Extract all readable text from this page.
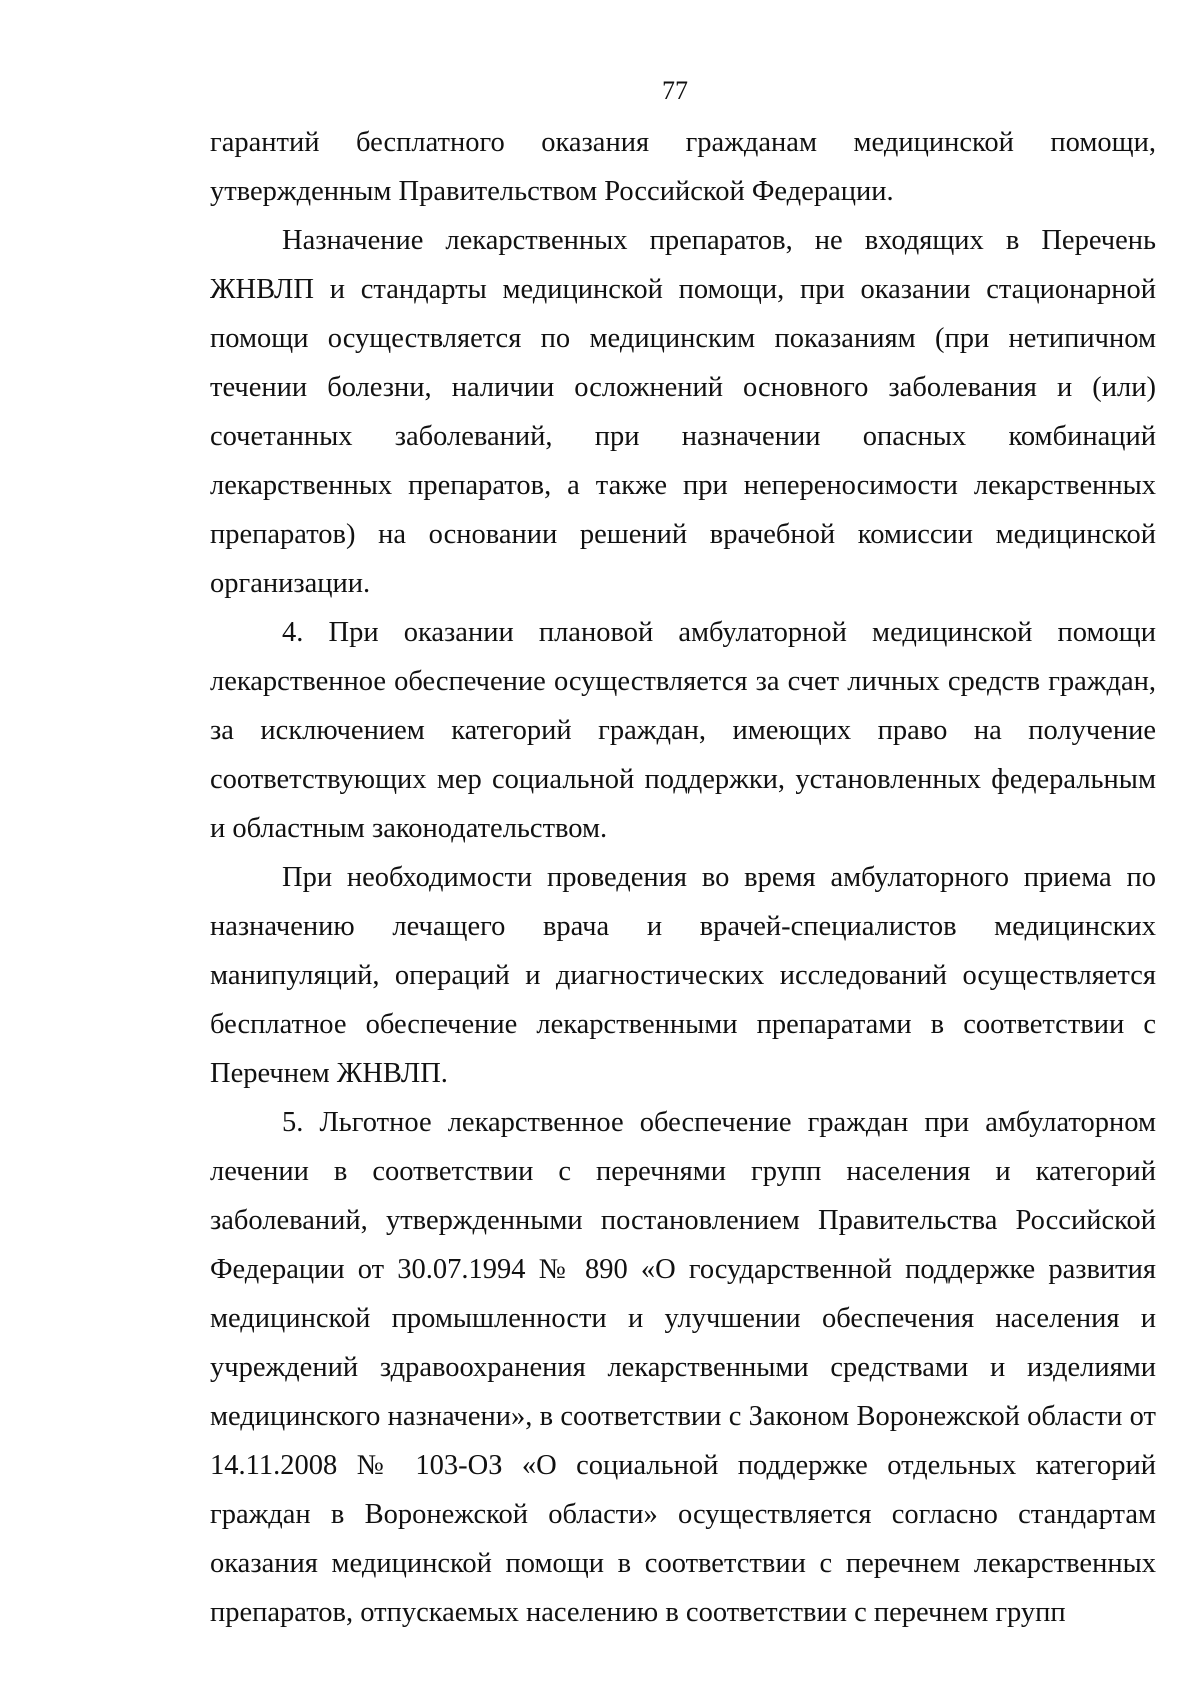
77

гарантий бесплатного оказания гражданам медицинской помощи, утвержденным Правительством Российской Федерации.

Назначение лекарственных препаратов, не входящих в Перечень ЖНВЛП и стандарты медицинской помощи, при оказании стационарной помощи осуществляется по медицинским показаниям (при нетипичном течении болезни, наличии осложнений основного заболевания и (или) сочетанных заболеваний, при назначении опасных комбинаций лекарственных препаратов, а также при непереносимости лекарственных препаратов) на основании решений врачебной комиссии медицинской организации.

4. При оказании плановой амбулаторной медицинской помощи лекарственное обеспечение осуществляется за счет личных средств граждан, за исключением категорий граждан, имеющих право на получение соответствующих мер социальной поддержки, установленных федеральным и областным законодательством.

При необходимости проведения во время амбулаторного приема по назначению лечащего врача и врачей-специалистов медицинских манипуляций, операций и диагностических исследований осуществляется бесплатное обеспечение лекарственными препаратами в соответствии с Перечнем ЖНВЛП.

5. Льготное лекарственное обеспечение граждан при амбулаторном лечении в соответствии с перечнями групп населения и категорий заболеваний, утвержденными постановлением Правительства Российской Федерации от 30.07.1994 № 890 «О государственной поддержке развития медицинской промышленности и улучшении обеспечения населения и учреждений здравоохранения лекарственными средствами и изделиями медицинского назначени», в соответствии с Законом Воронежской области от 14.11.2008 № 103-ОЗ «О социальной поддержке отдельных категорий граждан в Воронежской области» осуществляется согласно стандартам оказания медицинской помощи в соответствии с перечнем лекарственных препаратов, отпускаемых населению в соответствии с перечнем групп
